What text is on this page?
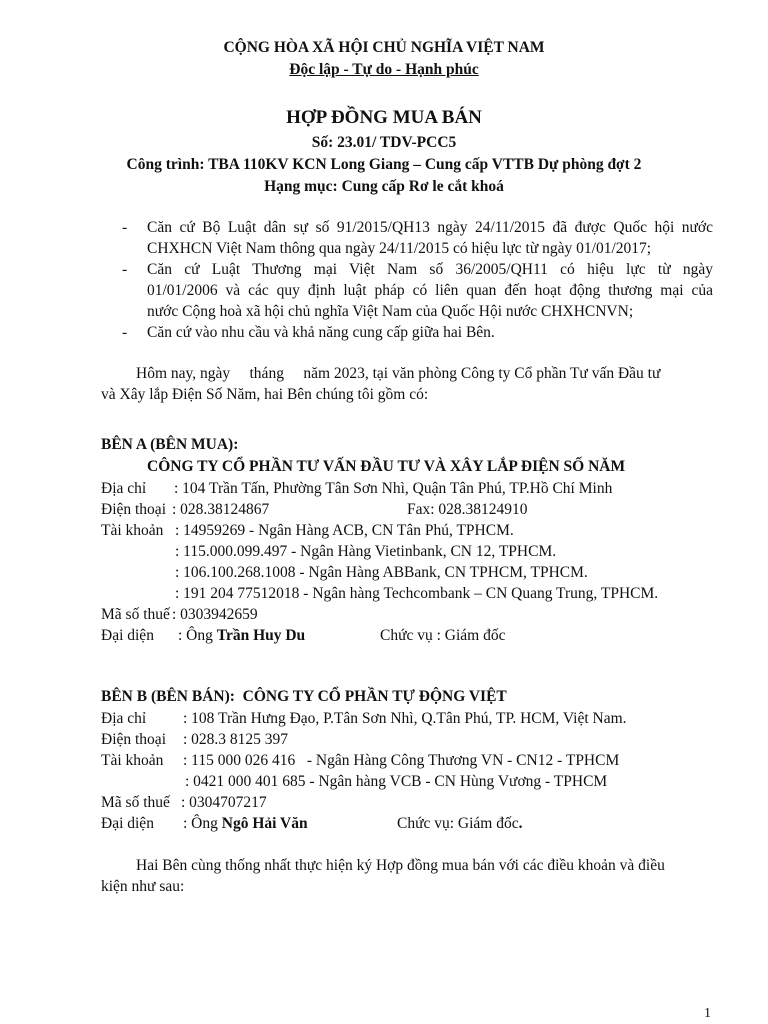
CỘNG HÒA XÃ HỘI CHỦ NGHĨA VIỆT NAM
Độc lập - Tự do - Hạnh phúc
HỢP ĐỒNG MUA BÁN
Số: 23.01/ TDV-PCC5
Công trình: TBA 110KV KCN Long Giang – Cung cấp VTTB Dự phòng đợt 2
Hạng mục: Cung cấp Rơ le cắt khoá
- Căn cứ Bộ Luật dân sự số 91/2015/QH13 ngày 24/11/2015 đã được Quốc hội nước
CHXHCN Việt Nam thông qua ngày 24/11/2015 có hiệu lực từ ngày 01/01/2017;
- Căn cứ Luật Thương mại Việt Nam số 36/2005/QH11 có hiệu lực từ ngày
01/01/2006 và các quy định luật pháp có liên quan đến hoạt động thương mại của
nước Cộng hoà xã hội chủ nghĩa Việt Nam của Quốc Hội nước CHXHCNVN;
- Căn cứ vào nhu cầu và khả năng cung cấp giữa hai Bên.
Hôm nay, ngày     tháng     năm 2023, tại văn phòng Công ty Cổ phần Tư vấn Đầu tư
và Xây lắp Điện Số Năm, hai Bên chúng tôi gồm có:
BÊN A (BÊN MUA):
CÔNG TY CỔ PHẦN TƯ VẤN ĐẦU TƯ VÀ XÂY LẮP ĐIỆN SỐ NĂM
Địa chỉ : 104 Trần Tấn, Phường Tân Sơn Nhì, Quận Tân Phú, TP.Hồ Chí Minh
Điện thoại : 028.38124867	Fax: 028.38124910
Tài khoản : 14959269 - Ngân Hàng ACB, CN Tân Phú, TPHCM.
: 115.000.099.497 - Ngân Hàng Vietinbank, CN 12, TPHCM.
: 106.100.268.1008 - Ngân Hàng ABBank, CN TPHCM, TPHCM.
: 191 204 77512018 - Ngân hàng Techcombank – CN Quang Trung, TPHCM.
Mã số thuế : 0303942659
Đại diện : Ông Trần Huy Du	Chức vụ : Giám đốc
BÊN B (BÊN BÁN):  CÔNG TY CỔ PHẦN TỰ ĐỘNG VIỆT
Địa chỉ : 108 Trần Hưng Đạo, P.Tân Sơn Nhì, Q.Tân Phú, TP. HCM, Việt Nam.
Điện thoại : 028.3 8125 397
Tài khoản : 115 000 026 416   - Ngân Hàng Công Thương VN - CN12 - TPHCM
: 0421 000 401 685 - Ngân hàng VCB - CN Hùng Vương - TPHCM
Mã số thuế : 0304707217
Đại diện : Ông Ngô Hải Văn	Chức vụ: Giám đốc.
Hai Bên cùng thống nhất thực hiện ký Hợp đồng mua bán với các điều khoản và điều
kiện như sau:
1
